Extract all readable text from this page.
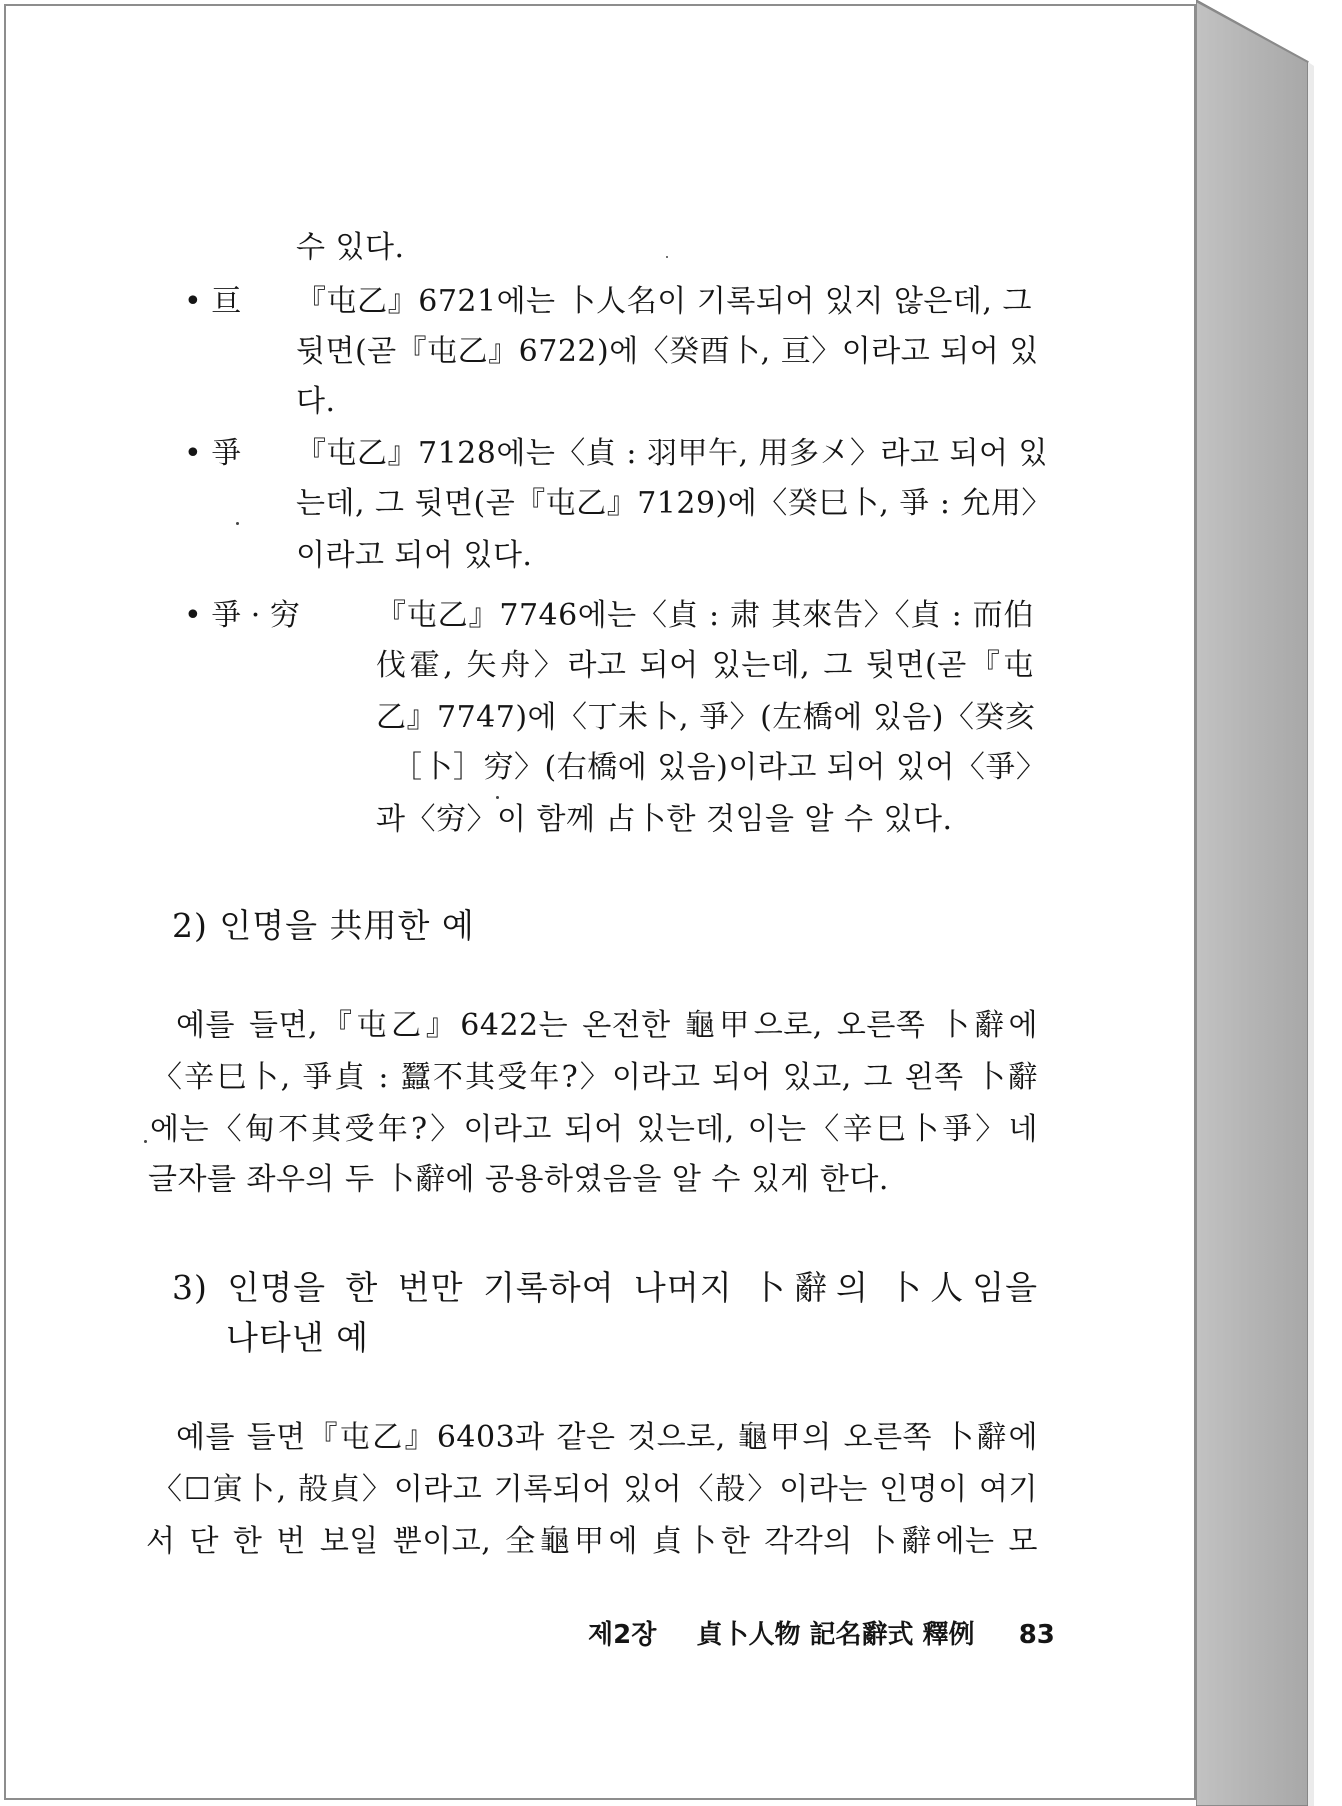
수 있다.
• 亘 『屯乙』6721에는 卜人名이 기록되어 있지 않은데, 그
뒷면(곧『屯乙』6722)에〈癸酉卜, 亘〉이라고 되어 있
다.
• 爭 『屯乙』7128에는〈貞 : 羽甲午, 用多㐅〉라고 되어 있
는데, 그 뒷면(곧『屯乙』7129)에〈癸巳卜, 爭 : 允用〉
이라고 되어 있다.
• 爭 · 穷	『屯乙』7746에는〈貞 : 肃 其來告〉〈貞 : 而伯
伐霍, 矢舟〉라고 되어 있는데, 그 뒷면(곧『屯
乙』7747)에〈丁未卜, 爭〉(左橋에 있음)〈癸亥
［卜］穷〉(右橋에 있음)이라고 되어 있어〈爭〉
과〈穷〉이 함께 占卜한 것임을 알 수 있다.
2) 인명을 共用한 예
예를 들면,『屯乙』6422는 온전한 龜甲으로, 오른쪽 卜辭에
〈辛巳卜, 爭貞 : 蠶不其受年?〉이라고 되어 있고, 그 왼쪽 卜辭
에는〈甸不其受年?〉이라고 되어 있는데, 이는〈辛巳卜爭〉네
글자를 좌우의 두 卜辭에 공용하였음을 알 수 있게 한다.
3) 인명을 한 번만 기록하여 나머지 卜辭의 卜人임을
나타낸 예
예를 들면『屯乙』6403과 같은 것으로, 龜甲의 오른쪽 卜辭에
〈☐寅卜, 㱿貞〉이라고 기록되어 있어〈㱿〉이라는 인명이 여기
서 단 한 번 보일 뿐이고, 全龜甲에 貞卜한 각각의 卜辭에는 모
제2장 貞卜人物 記名辭式 釋例 83
